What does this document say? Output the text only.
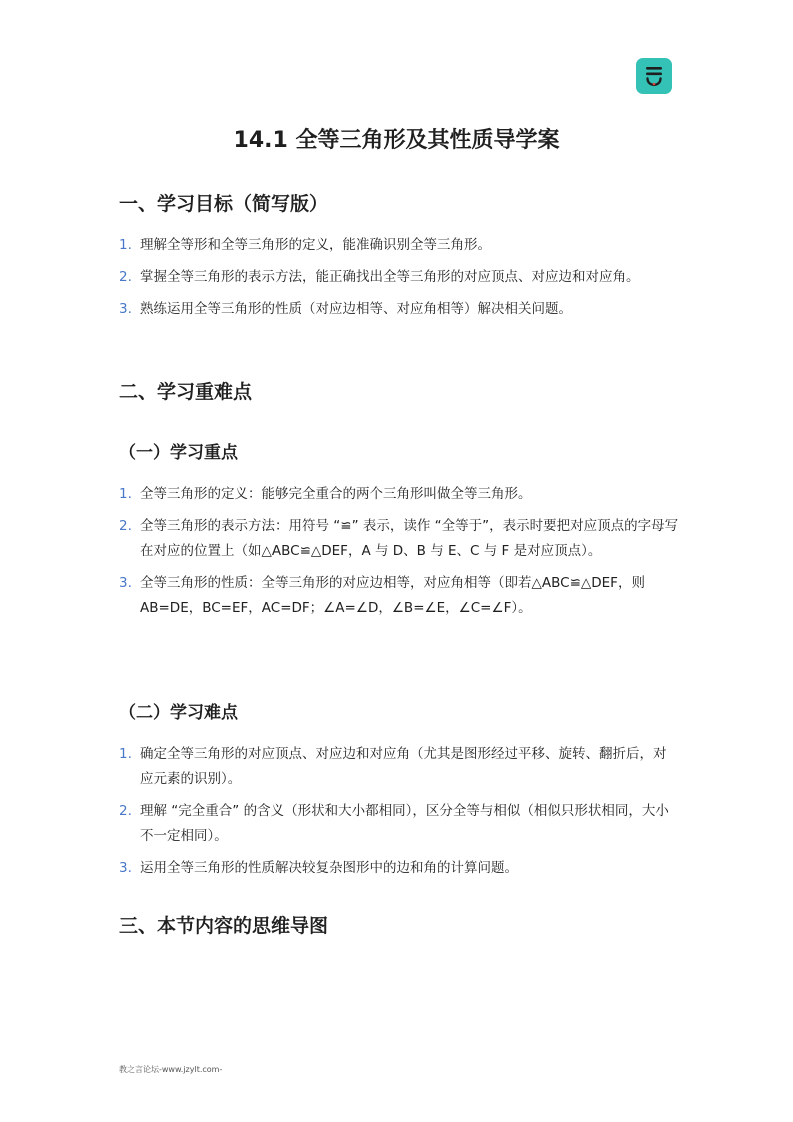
14.1 全等三角形及其性质导学案
一、学习目标（简写版）
1. 理解全等形和全等三角形的定义，能准确识别全等三角形。
2. 掌握全等三角形的表示方法，能正确找出全等三角形的对应顶点、对应边和对应角。
3. 熟练运用全等三角形的性质（对应边相等、对应角相等）解决相关问题。
二、学习重难点
（一）学习重点
1. 全等三角形的定义：能够完全重合的两个三角形叫做全等三角形。
2. 全等三角形的表示方法：用符号 “≌” 表示，读作 “全等于”，表示时要把对应顶点的字母写在对应的位置上（如△ABC≌△DEF，A 与 D、B 与 E、C 与 F 是对应顶点）。
3. 全等三角形的性质：全等三角形的对应边相等，对应角相等（即若△ABC≌△DEF，则 AB=DE，BC=EF，AC=DF；∠A=∠D，∠B=∠E，∠C=∠F）。
（二）学习难点
1. 确定全等三角形的对应顶点、对应边和对应角（尤其是图形经过平移、旋转、翻折后，对应元素的识别）。
2. 理解 “完全重合” 的含义（形状和大小都相同），区分全等与相似（相似只形状相同，大小不一定相同）。
3. 运用全等三角形的性质解决较复杂图形中的边和角的计算问题。
三、本节内容的思维导图
教之言论坛-www.jzylt.com-
